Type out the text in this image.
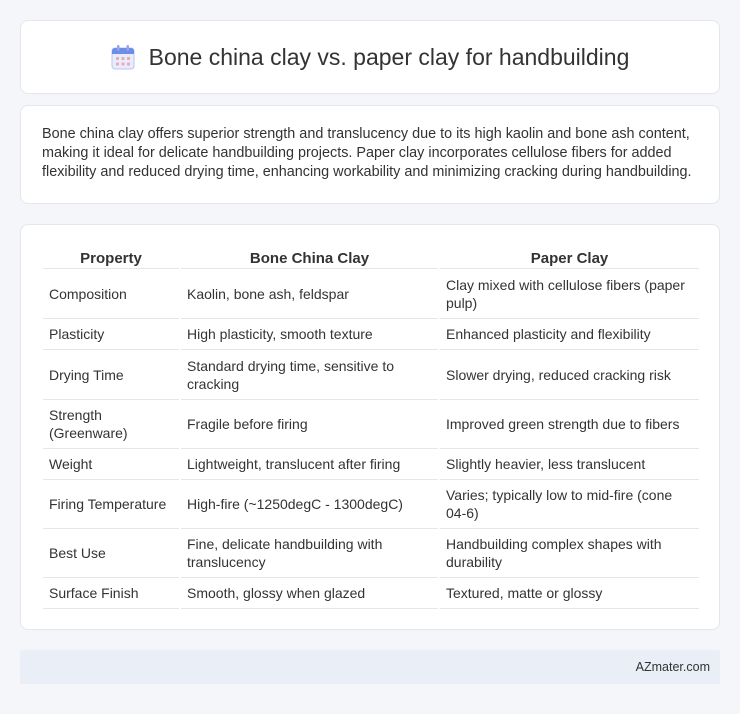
Bone china clay vs. paper clay for handbuilding

Bone china clay offers superior strength and translucency due to its high kaolin and bone ash content, making it ideal for delicate handbuilding projects. Paper clay incorporates cellulose fibers for added flexibility and reduced drying time, enhancing workability and minimizing cracking during handbuilding.

Property	Bone China Clay	Paper Clay
Composition	Kaolin, bone ash, feldspar	Clay mixed with cellulose fibers (paper pulp)
Plasticity	High plasticity, smooth texture	Enhanced plasticity and flexibility
Drying Time	Standard drying time, sensitive to cracking	Slower drying, reduced cracking risk
Strength (Greenware)	Fragile before firing	Improved green strength due to fibers
Weight	Lightweight, translucent after firing	Slightly heavier, less translucent
Firing Temperature	High-fire (~1250degC - 1300degC)	Varies; typically low to mid-fire (cone 04-6)
Best Use	Fine, delicate handbuilding with translucency	Handbuilding complex shapes with durability
Surface Finish	Smooth, glossy when glazed	Textured, matte or glossy
AZmater.com
